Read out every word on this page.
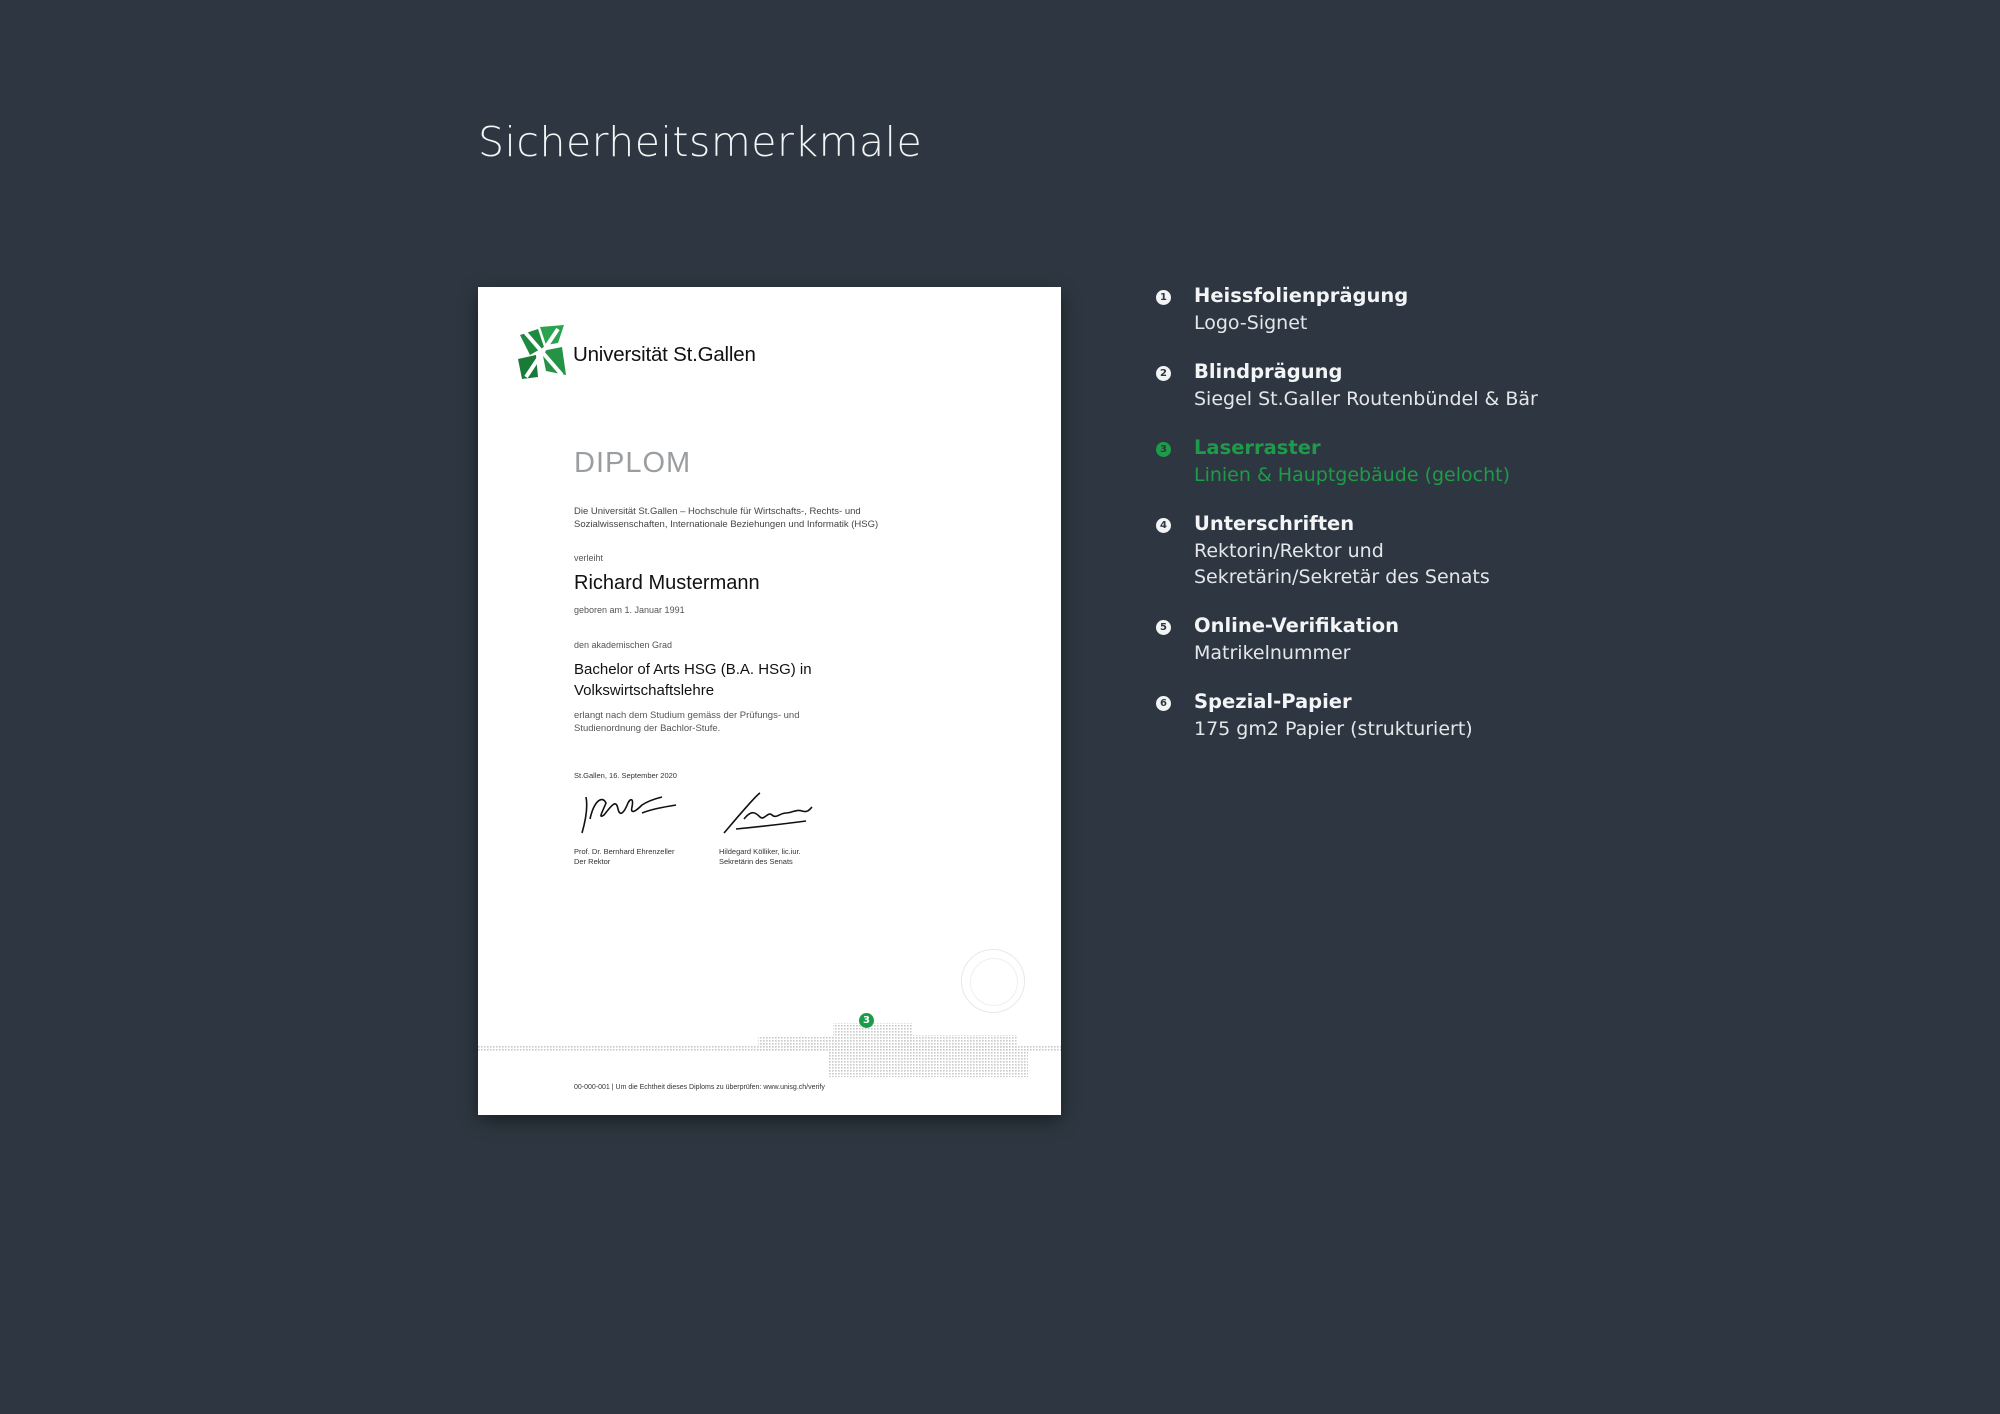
Sicherheitsmerkmale
Universität St.Gallen
DIPLOM
Die Universität St.Gallen – Hochschule für Wirtschafts-, Rechts- und Sozialwissenschaften, Internationale Beziehungen und Informatik (HSG)
verleiht
Richard Mustermann
geboren am 1. Januar 1991
den akademischen Grad
Bachelor of Arts HSG (B.A. HSG) in Volkswirtschaftslehre
erlangt nach dem Studium gemäss der Prüfungs- und Studienordnung der Bachlor-Stufe.
St.Gallen, 16. September 2020
Prof. Dr. Bernhard Ehrenzeller
Der Rektor
Hildegard Kölliker, lic.iur.
Sekretärin des Senats
3
00-000-001 | Um die Echtheit dieses Diploms zu überprüfen: www.unisg.ch/verify
1 Heissfolienprägung
Logo-Signet
2 Blindprägung
Siegel St.Galler Routenbündel & Bär
3 Laserraster
Linien & Hauptgebäude (gelocht)
4 Unterschriften
Rektorin/Rektor und
Sekretärin/Sekretär des Senats
5 Online-Verifikation
Matrikelnummer
6 Spezial-Papier
175 gm2 Papier (strukturiert)
